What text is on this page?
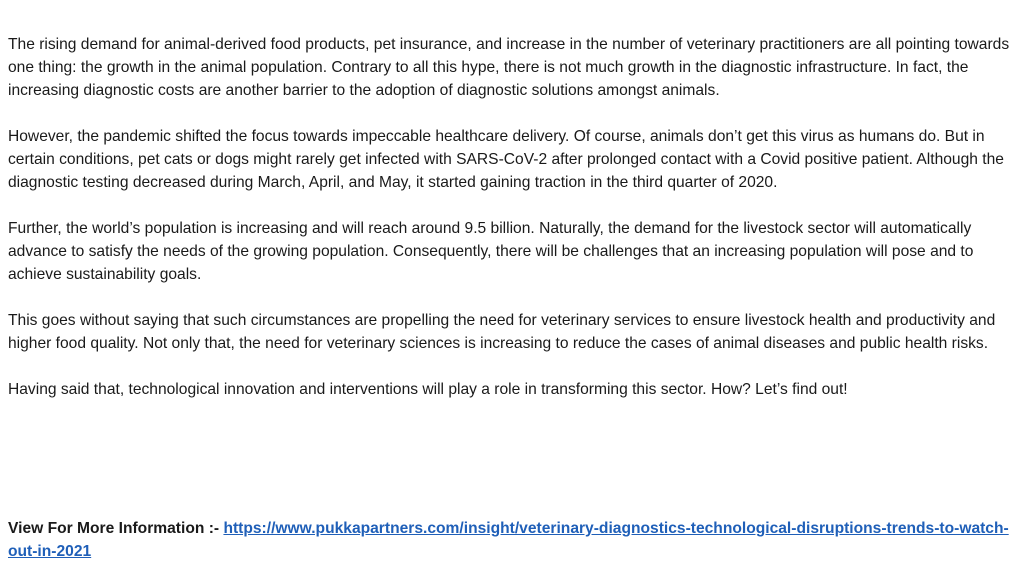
The rising demand for animal-derived food products, pet insurance, and increase in the number of veterinary practitioners are all pointing towards one thing: the growth in the animal population. Contrary to all this hype, there is not much growth in the diagnostic infrastructure. In fact, the increasing diagnostic costs are another barrier to the adoption of diagnostic solutions amongst animals.

However, the pandemic shifted the focus towards impeccable healthcare delivery. Of course, animals don’t get this virus as humans do. But in certain conditions, pet cats or dogs might rarely get infected with SARS-CoV-2 after prolonged contact with a Covid positive patient. Although the diagnostic testing decreased during March, April, and May, it started gaining traction in the third quarter of 2020.

Further, the world’s population is increasing and will reach around 9.5 billion. Naturally, the demand for the livestock sector will automatically advance to satisfy the needs of the growing population. Consequently, there will be challenges that an increasing population will pose and to achieve sustainability goals.

This goes without saying that such circumstances are propelling the need for veterinary services to ensure livestock health and productivity and higher food quality. Not only that, the need for veterinary sciences is increasing to reduce the cases of animal diseases and public health risks.

Having said that, technological innovation and interventions will play a role in transforming this sector. How? Let’s find out!

View For More Information :- https://www.pukkapartners.com/insight/veterinary-diagnostics-technological-disruptions-trends-to-watch-out-in-2021
